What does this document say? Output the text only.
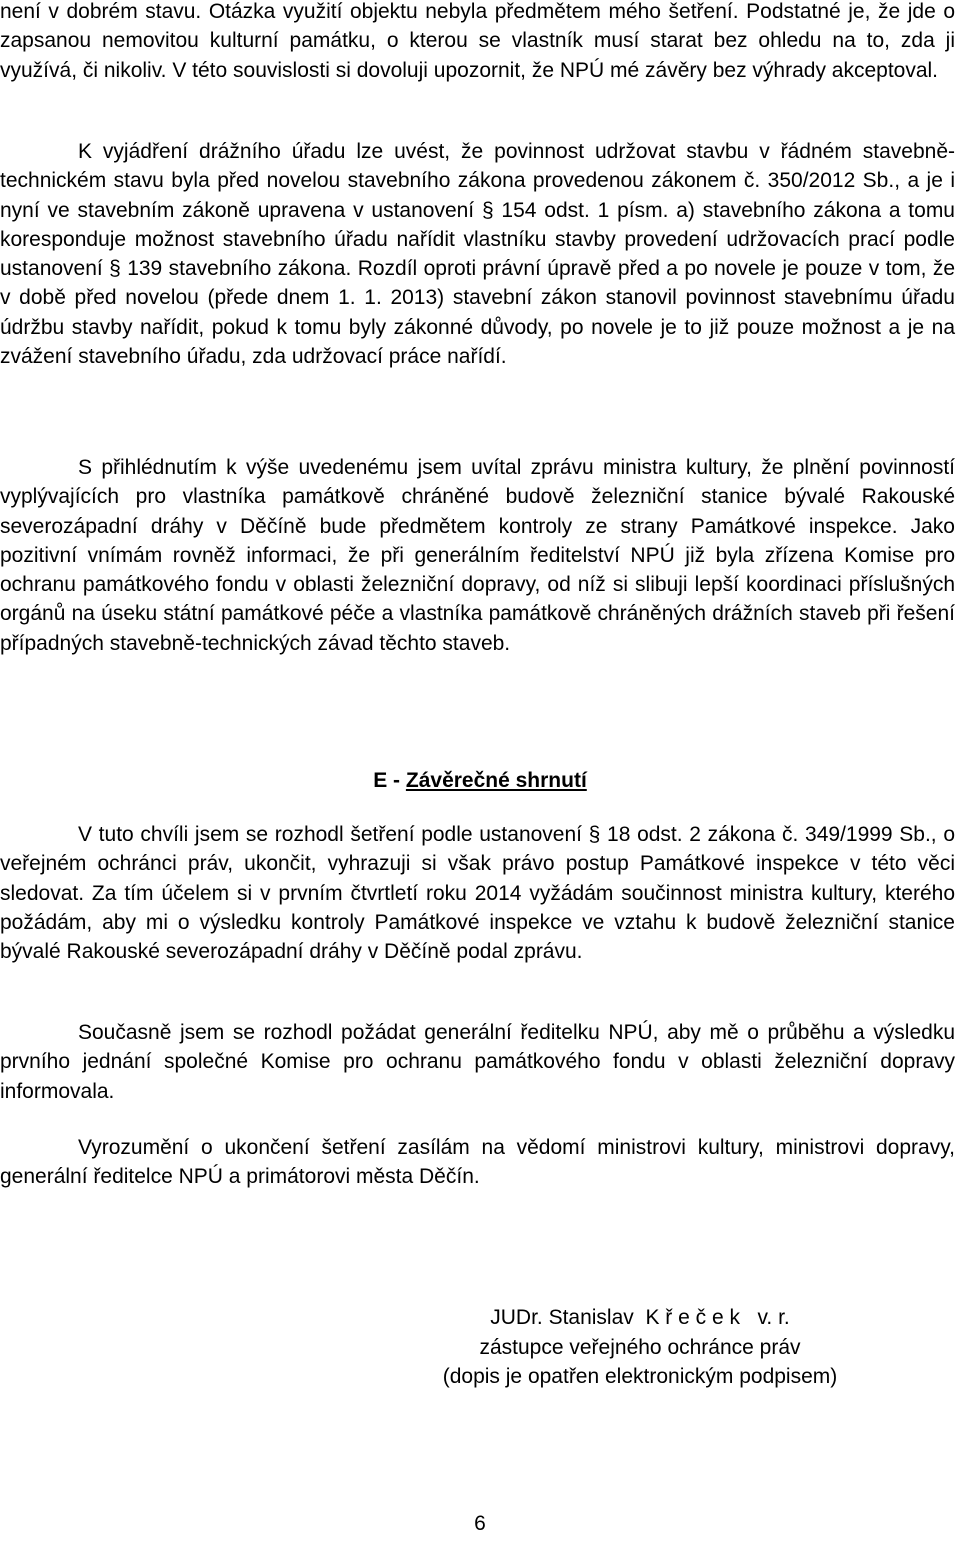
není v dobrém stavu. Otázka využití objektu nebyla předmětem mého šetření. Podstatné je, že jde o zapsanou nemovitou kulturní památku, o kterou se vlastník musí starat bez ohledu na to, zda ji využívá, či nikoliv. V této souvislosti si dovoluji upozornit, že NPÚ mé závěry bez výhrady akceptoval.

K vyjádření drážního úřadu lze uvést, že povinnost udržovat stavbu v řádném stavebně-technickém stavu byla před novelou stavebního zákona provedenou zákonem č. 350/2012 Sb., a je i nyní ve stavebním zákoně upravena v ustanovení § 154 odst. 1 písm. a) stavebního zákona a tomu koresponduje možnost stavebního úřadu nařídit vlastníku stavby provedení udržovacích prací podle ustanovení § 139 stavebního zákona. Rozdíl oproti právní úpravě před a po novele je pouze v tom, že v době před novelou (přede dnem 1. 1. 2013) stavební zákon stanovil povinnost stavebnímu úřadu údržbu stavby nařídit, pokud k tomu byly zákonné důvody, po novele je to již pouze možnost a je na zvážení stavebního úřadu, zda udržovací práce nařídí.

S přihlédnutím k výše uvedenému jsem uvítal zprávu ministra kultury, že plnění povinností vyplývajících pro vlastníka památkově chráněné budově železniční stanice bývalé Rakouské severozápadní dráhy v Děčíně bude předmětem kontroly ze strany Památkové inspekce. Jako pozitivní vnímám rovněž informaci, že při generálním ředitelství NPÚ již byla zřízena Komise pro ochranu památkového fondu v oblasti železniční dopravy, od níž si slibuji lepší koordinaci příslušných orgánů na úseku státní památkové péče a vlastníka památkově chráněných drážních staveb při řešení případných stavebně-technických závad těchto staveb.

E - Závěrečné shrnutí

V tuto chvíli jsem se rozhodl šetření podle ustanovení § 18 odst. 2 zákona č. 349/1999 Sb., o veřejném ochránci práv, ukončit, vyhrazuji si však právo postup Památkové inspekce v této věci sledovat. Za tím účelem si v prvním čtvrtletí roku 2014 vyžádám součinnost ministra kultury, kterého požádám, aby mi o výsledku kontroly Památkové inspekce ve vztahu k budově železniční stanice bývalé Rakouské severozápadní dráhy v Děčíně podal zprávu.

Současně jsem se rozhodl požádat generální ředitelku NPÚ, aby mě o průběhu a výsledku prvního jednání společné Komise pro ochranu památkového fondu v oblasti železniční dopravy informovala.

Vyrozumění o ukončení šetření zasílám na vědomí ministrovi kultury, ministrovi dopravy, generální ředitelce NPÚ a primátorovi města Děčín.

JUDr. Stanislav  K ř e č e k   v. r.
zástupce veřejného ochránce práv
(dopis je opatřen elektronickým podpisem)
6
